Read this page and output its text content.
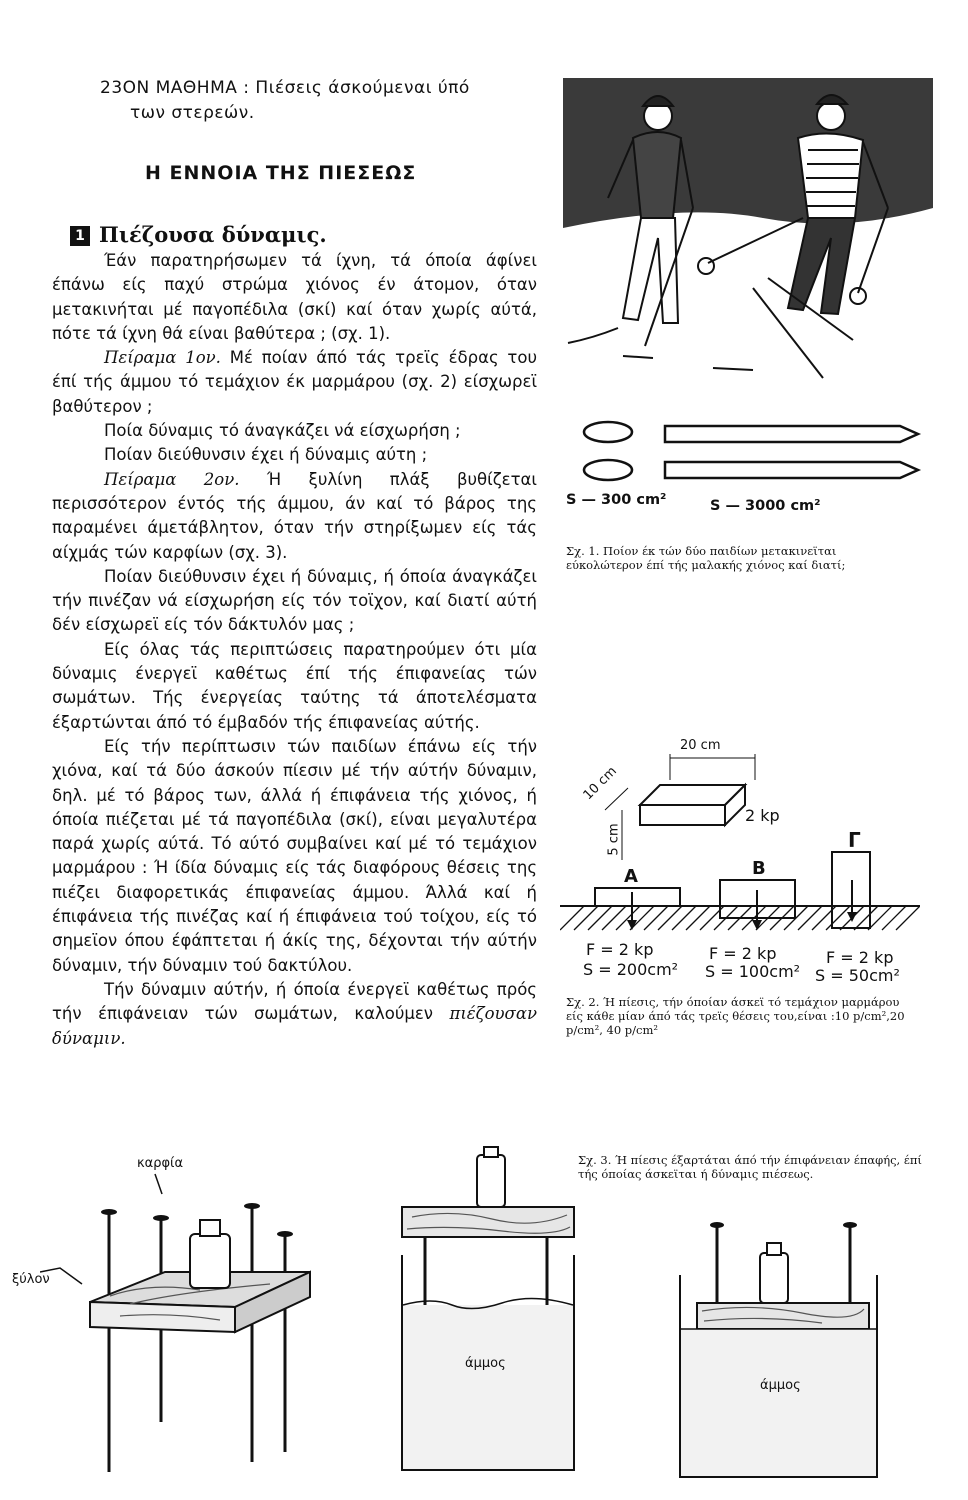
23ΟΝ ΜΑΘΗΜΑ : Πιέσεις άσκούμεναι ύπό
των στερεών.
Η ΕΝΝΟΙΑ ΤΗΣ ΠΙΕΣΕΩΣ
1 Πιέζουσα δύναμις.

Έάν παρατηρήσωμεν τά ίχνη, τά όποία άφίνει έπάνω είς παχύ στρώμα χιόνος έν άτομον, όταν μετακινήται μέ παγοπέδιλα (σκί) καί όταν χωρίς αύτά, πότε τά ίχνη θά είναι βαθύτερα ; (σχ. 1).

Πείραμα 1ον. Μέ ποίαν άπό τάς τρεϊς έδρας του έπί τής άμμου τό τεμάχιον έκ μαρμάρου (σχ. 2) είσχωρεϊ βαθύτερον ;

Ποία δύναμις τό άναγκάζει νά είσχωρήση ;

Ποίαν διεύθυνσιν έχει ή δύναμις αύτη ;

Πείραμα 2ον. Ή ξυλίνη πλάξ βυθίζεται περισσότερον έντός τής άμμου, άν καί τό βάρος της παραμένει άμετάβλητον, όταν τήν στηρίξωμεν είς τάς αίχμάς τών καρφίων (σχ. 3).

Ποίαν διεύθυνσιν έχει ή δύναμις, ή όποία άναγκάζει τήν πινέζαν νά είσχωρήση είς τόν τοϊχον, καί διατί αύτή δέν είσχωρεϊ είς τόν δάκτυλόν μας ;

Είς όλας τάς περιπτώσεις παρατηρούμεν ότι μία δύναμις ένεργεϊ καθέτως έπί τής έπιφανείας τών σωμάτων. Τής ένεργείας ταύτης τά άποτελέσματα έξαρτώνται άπό τό έμβαδόν τής έπιφανείας αύτής.

Είς τήν περίπτωσιν τών παιδίων έπάνω είς τήν χιόνα, καί τά δύο άσκούν πίεσιν μέ τήν αύτήν δύναμιν, δηλ. μέ τό βάρος των, άλλά ή έπιφάνεια τής χιόνος, ή όποία πιέζεται μέ τά παγοπέδιλα (σκί), είναι μεγαλυτέρα παρά χωρίς αύτά. Τό αύτό συμβαίνει καί μέ τό τεμάχιον μαρμάρου : Ή ίδία δύναμις είς τάς διαφόρους θέσεις της πιέζει διαφορετικάς έπιφανείας άμμου. Άλλά καί ή έπιφάνεια τής πινέζας καί ή έπιφάνεια τού τοίχου, είς τό σημεϊον όπου έφάπτεται ή άκίς της, δέχονται τήν αύτήν δύναμιν, τήν δύναμιν τού δακτύλου.

Τήν δύναμιν αύτήν, ή όποία ένεργεϊ καθέτως πρός τήν έπιφάνειαν τών σωμάτων, καλούμεν πιέζουσαν δύναμιν.

S — 300 cm²	S — 3000 cm²
Σχ. 1. Ποίον έκ τών δύο παιδίων μετακινεϊται εύκολώτερον έπί τής μαλακής χιόνος καί διατί;
20 cm
10 cm
5 cm
2 kp
A	B
Γ
F = 2 kp
S = 200cm²
F = 2 kp
S = 100cm²
F = 2 kp
S = 50cm²
Σχ. 2. Ή πίεσις, τήν όποίαν άσκεϊ τό τεμάχιον μαρμάρου είς κάθε μίαν άπό τάς τρεϊς θέσεις του,είναι :10 p/cm²,20 p/cm², 40 p/cm²
Σχ. 3. Ή πίεσις έξαρτάται άπό τήν έπιφάνειαν έπαφής, έπί τής όποίας άσκεϊται ή δύναμις πιέσεως.
καρφία
ξύλον
άμμος
άμμος
